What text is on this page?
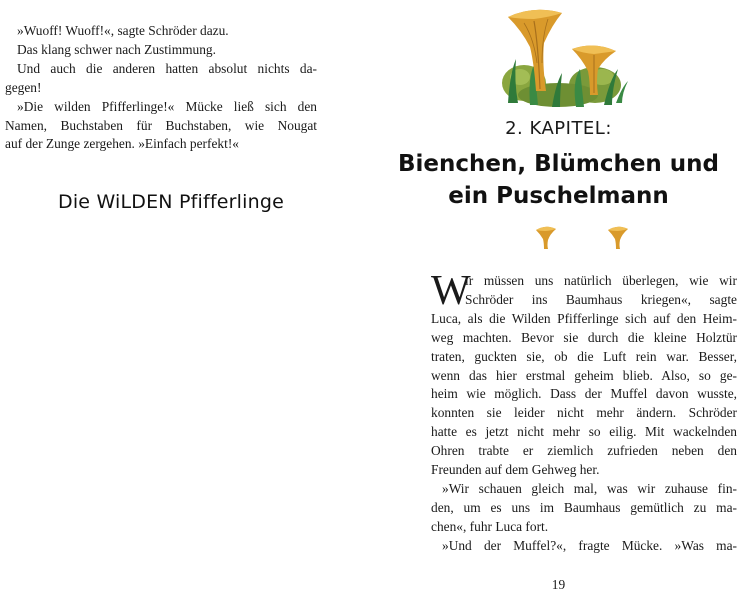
»Wuoff! Wuoff!«, sagte Schröder dazu.
Das klang schwer nach Zustimmung.
Und auch die anderen hatten absolut nichts da-
gegen!
»Die wilden Pfifferlinge!« Mücke ließ sich den
Namen, Buchstaben für Buchstaben, wie Nougat
auf der Zunge zergehen. »Einfach perfekt!«
Die WiLDEN Pfifferlinge
2. KAPITEL:
Bienchen, Blümchen und
ein Puschelmann
W
ir müssen uns natürlich überlegen, wie wir
Schröder ins Baumhaus kriegen«, sagte
Luca, als die Wilden Pfifferlinge sich auf den Heim-
weg machten. Bevor sie durch die kleine Holztür
traten, guckten sie, ob die Luft rein war. Besser,
wenn das hier erstmal geheim blieb. Also, so ge-
heim wie möglich. Dass der Muffel davon wusste,
konnten sie leider nicht mehr ändern. Schröder
hatte es jetzt nicht mehr so eilig. Mit wackelnden
Ohren trabte er ziemlich zufrieden neben den
Freunden auf dem Gehweg her.
»Wir schauen gleich mal, was wir zuhause fin-
den, um es uns im Baumhaus gemütlich zu ma-
chen«, fuhr Luca fort.
»Und der Muffel?«, fragte Mücke. »Was ma-
19
